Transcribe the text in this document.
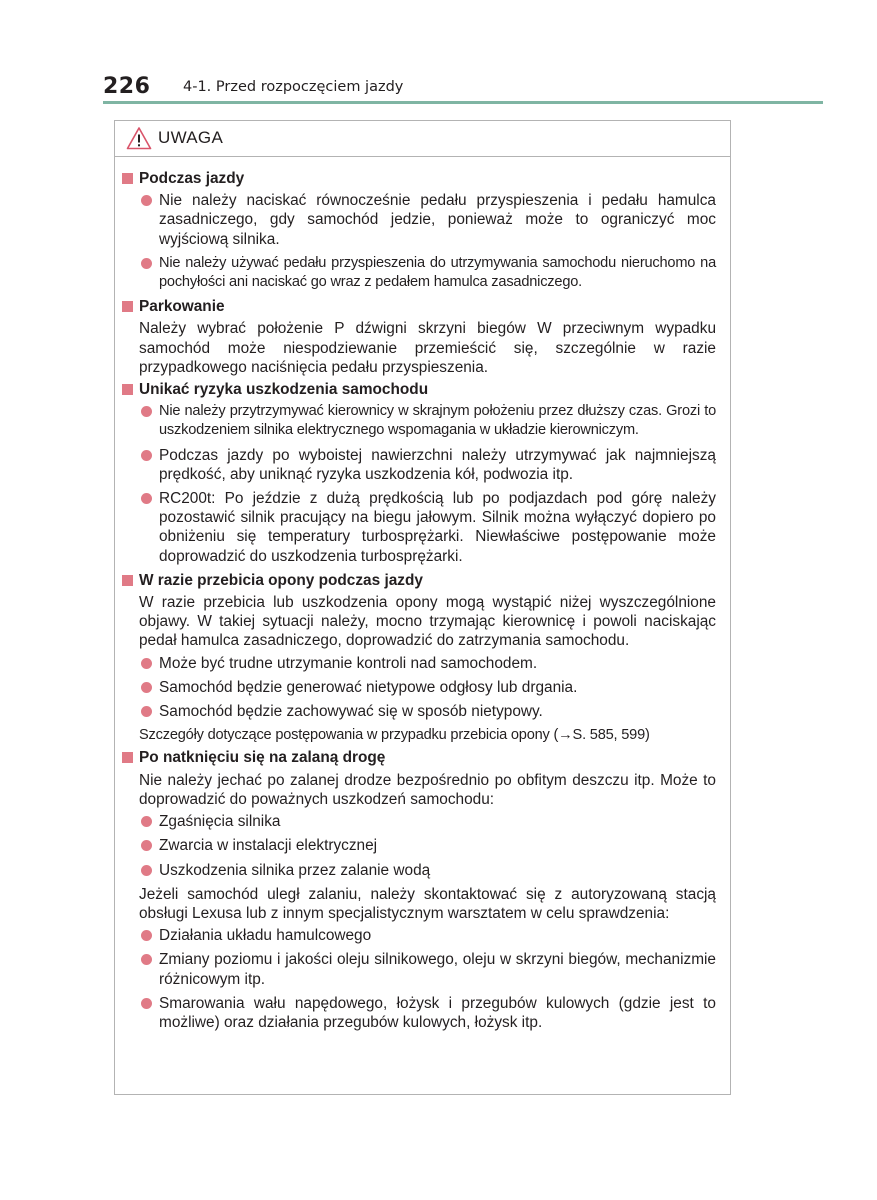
226 4-1. Przed rozpoczęciem jazdy
UWAGA
Podczas jazdy
Nie należy naciskać równocześnie pedału przyspieszenia i pedału hamulca zasadniczego, gdy samochód jedzie, ponieważ może to ograniczyć moc wyjściową silnika.
Nie należy używać pedału przyspieszenia do utrzymywania samochodu nieruchomo na pochyłości ani naciskać go wraz z pedałem hamulca zasadniczego.
Parkowanie
Należy wybrać położenie P dźwigni skrzyni biegów W przeciwnym wypadku samochód może niespodziewanie przemieścić się, szczególnie w razie przypadkowego naciśnięcia pedału przyspieszenia.
Unikać ryzyka uszkodzenia samochodu
Nie należy przytrzymywać kierownicy w skrajnym położeniu przez dłuższy czas. Grozi to uszkodzeniem silnika elektrycznego wspomagania w układzie kierowniczym.
Podczas jazdy po wyboistej nawierzchni należy utrzymywać jak najmniejszą prędkość, aby uniknąć ryzyka uszkodzenia kół, podwozia itp.
RC200t: Po jeździe z dużą prędkością lub po podjazdach pod górę należy pozostawić silnik pracujący na biegu jałowym. Silnik można wyłączyć dopiero po obniżeniu się temperatury turbosprężarki. Niewłaściwe postępowanie może doprowadzić do uszkodzenia turbosprężarki.
W razie przebicia opony podczas jazdy
W razie przebicia lub uszkodzenia opony mogą wystąpić niżej wyszczególnione objawy. W takiej sytuacji należy, mocno trzymając kierownicę i powoli naciskając pedał hamulca zasadniczego, doprowadzić do zatrzymania samochodu.
Może być trudne utrzymanie kontroli nad samochodem.
Samochód będzie generować nietypowe odgłosy lub drgania.
Samochód będzie zachowywać się w sposób nietypowy.
Szczegóły dotyczące postępowania w przypadku przebicia opony (→S. 585, 599)
Po natknięciu się na zalaną drogę
Nie należy jechać po zalanej drodze bezpośrednio po obfitym deszczu itp. Może to doprowadzić do poważnych uszkodzeń samochodu:
Zgaśnięcia silnika
Zwarcia w instalacji elektrycznej
Uszkodzenia silnika przez zalanie wodą
Jeżeli samochód uległ zalaniu, należy skontaktować się z autoryzowaną stacją obsługi Lexusa lub z innym specjalistycznym warsztatem w celu sprawdzenia:
Działania układu hamulcowego
Zmiany poziomu i jakości oleju silnikowego, oleju w skrzyni biegów, mechanizmie różnicowym itp.
Smarowania wału napędowego, łożysk i przegubów kulowych (gdzie jest to możliwe) oraz działania przegubów kulowych, łożysk itp.
